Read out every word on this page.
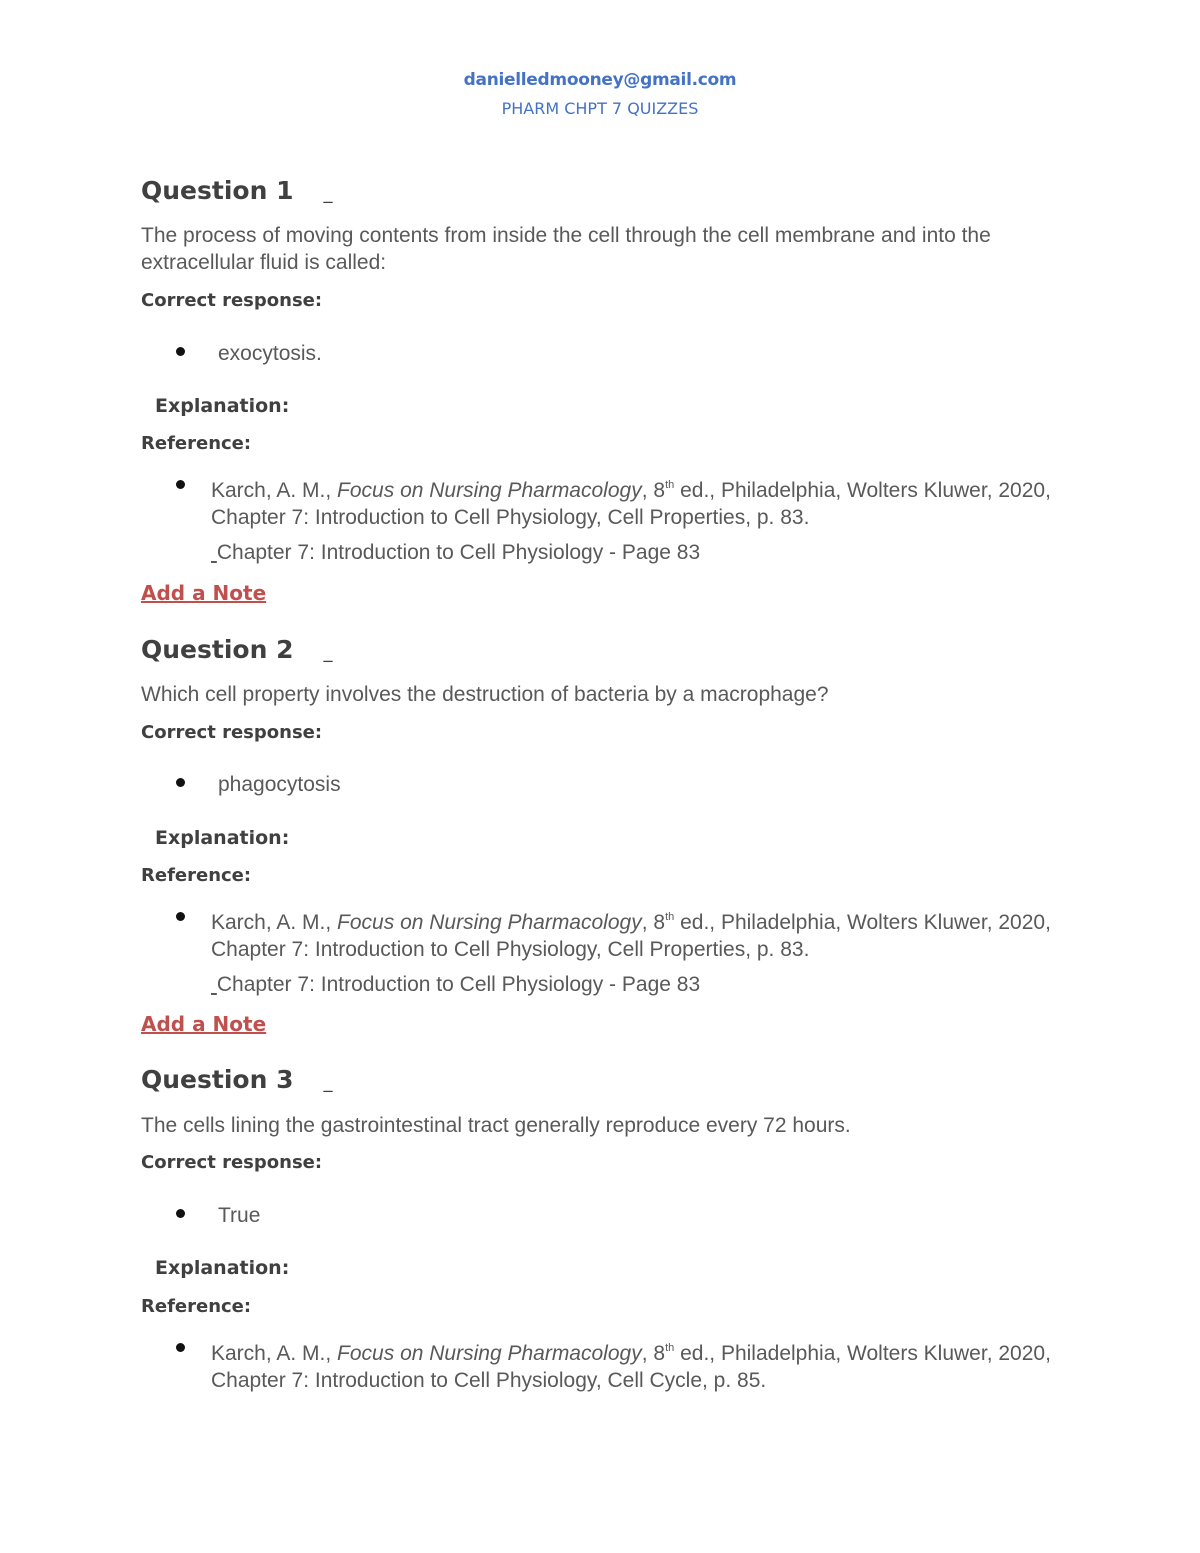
danielledmooney@gmail.com
PHARM CHPT 7 QUIZZES
Question 1 _
The process of moving contents from inside the cell through the cell membrane and into the extracellular fluid is called:
Correct response:
exocytosis.
Explanation:
Reference:
Karch, A. M., Focus on Nursing Pharmacology, 8th ed., Philadelphia, Wolters Kluwer, 2020, Chapter 7: Introduction to Cell Physiology, Cell Properties, p. 83.
Chapter 7: Introduction to Cell Physiology - Page 83
Add a Note
Question 2 _
Which cell property involves the destruction of bacteria by a macrophage?
Correct response:
phagocytosis
Explanation:
Reference:
Karch, A. M., Focus on Nursing Pharmacology, 8th ed., Philadelphia, Wolters Kluwer, 2020, Chapter 7: Introduction to Cell Physiology, Cell Properties, p. 83.
Chapter 7: Introduction to Cell Physiology - Page 83
Add a Note
Question 3 _
The cells lining the gastrointestinal tract generally reproduce every 72 hours.
Correct response:
True
Explanation:
Reference:
Karch, A. M., Focus on Nursing Pharmacology, 8th ed., Philadelphia, Wolters Kluwer, 2020, Chapter 7: Introduction to Cell Physiology, Cell Cycle, p. 85.
